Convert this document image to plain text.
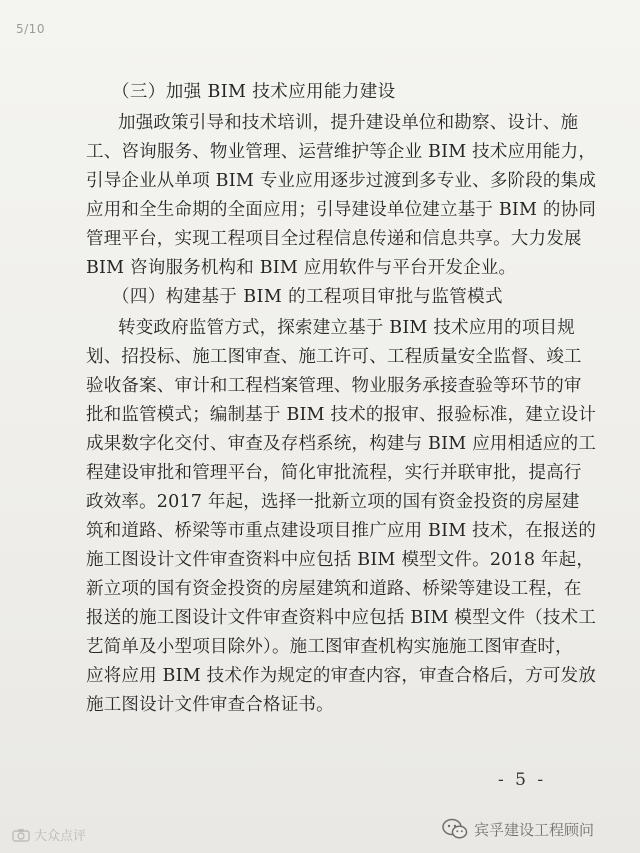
5/10
（三）加强 BIM 技术应用能力建设
加强政策引导和技术培训，提升建设单位和勘察、设计、施
工、咨询服务、物业管理、运营维护等企业 BIM 技术应用能力，
引导企业从单项 BIM 专业应用逐步过渡到多专业、多阶段的集成
应用和全生命期的全面应用；引导建设单位建立基于 BIM 的协同
管理平台，实现工程项目全过程信息传递和信息共享。大力发展
BIM 咨询服务机构和 BIM 应用软件与平台开发企业。
（四）构建基于 BIM 的工程项目审批与监管模式
转变政府监管方式，探索建立基于 BIM 技术应用的项目规
划、招投标、施工图审查、施工许可、工程质量安全监督、竣工
验收备案、审计和工程档案管理、物业服务承接查验等环节的审
批和监管模式；编制基于 BIM 技术的报审、报验标准，建立设计
成果数字化交付、审查及存档系统，构建与 BIM 应用相适应的工
程建设审批和管理平台，简化审批流程，实行并联审批，提高行
政效率。2017 年起，选择一批新立项的国有资金投资的房屋建
筑和道路、桥梁等市重点建设项目推广应用 BIM 技术，在报送的
施工图设计文件审查资料中应包括 BIM 模型文件。2018 年起，
新立项的国有资金投资的房屋建筑和道路、桥梁等建设工程，在
报送的施工图设计文件审查资料中应包括 BIM 模型文件（技术工
艺简单及小型项目除外）。施工图审查机构实施施工图审查时，
应将应用 BIM 技术作为规定的审查内容，审查合格后，方可发放
施工图设计文件审查合格证书。
- 5 -
大众点评	宾孚建设工程顾问
